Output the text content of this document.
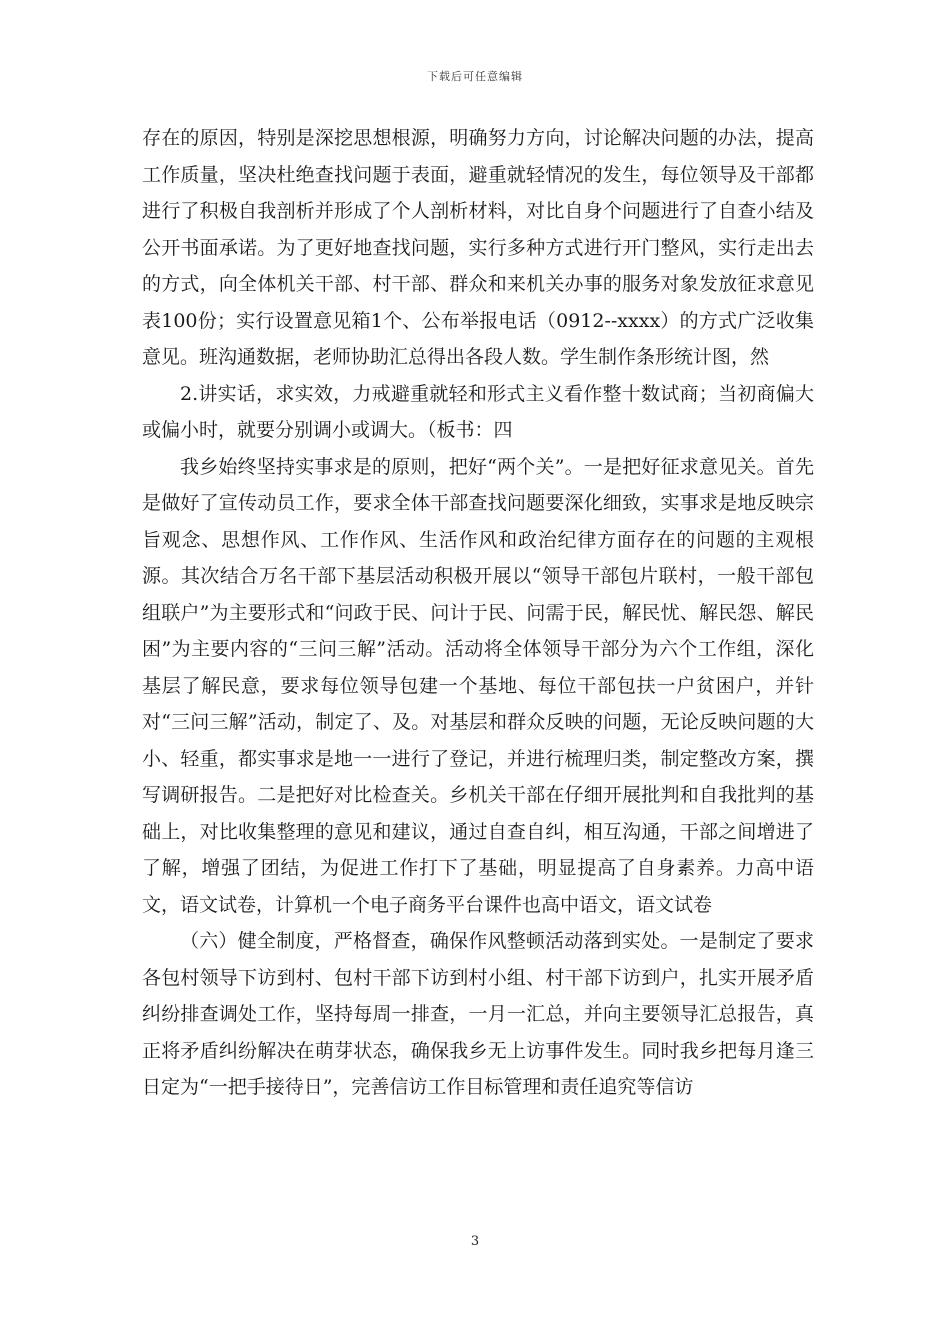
下载后可任意编辑

存在的原因，特别是深挖思想根源，明确努力方向，讨论解决问题的办法，提高工作质量，坚决杜绝查找问题于表面，避重就轻情况的发生，每位领导及干部都进行了积极自我剖析并形成了个人剖析材料，对比自身个问题进行了自查小结及公开书面承诺。为了更好地查找问题，实行多种方式进行开门整风，实行走出去的方式，向全体机关干部、村干部、群众和来机关办事的服务对象发放征求意见表100份；实行设置意见箱1个、公布举报电话（0912--xxxx）的方式广泛收集意见。班沟通数据，老师协助汇总得出各段人数。学生制作条形统计图，然

2.讲实话，求实效，力戒避重就轻和形式主义看作整十数试商；当初商偏大或偏小时，就要分别调小或调大。（板书：四

我乡始终坚持实事求是的原则，把好“两个关”。一是把好征求意见关。首先是做好了宣传动员工作，要求全体干部查找问题要深化细致，实事求是地反映宗旨观念、思想作风、工作作风、生活作风和政治纪律方面存在的问题的主观根源。其次结合万名干部下基层活动积极开展以“领导干部包片联村，一般干部包组联户”为主要形式和“问政于民、问计于民、问需于民，解民忧、解民怨、解民困”为主要内容的“三问三解”活动。活动将全体领导干部分为六个工作组，深化基层了解民意，要求每位领导包建一个基地、每位干部包扶一户贫困户，并针对“三问三解”活动，制定了、及。对基层和群众反映的问题，无论反映问题的大小、轻重，都实事求是地一一进行了登记，并进行梳理归类，制定整改方案，撰写调研报告。二是把好对比检查关。乡机关干部在仔细开展批判和自我批判的基础上，对比收集整理的意见和建议，通过自查自纠，相互沟通，干部之间增进了了解，增强了团结，为促进工作打下了基础，明显提高了自身素养。力高中语文，语文试卷，计算机一个电子商务平台课件也高中语文，语文试卷

（六）健全制度，严格督查，确保作风整顿活动落到实处。一是制定了要求各包村领导下访到村、包村干部下访到村小组、村干部下访到户，扎实开展矛盾纠纷排查调处工作，坚持每周一排查，一月一汇总，并向主要领导汇总报告，真正将矛盾纠纷解决在萌芽状态，确保我乡无上访事件发生。同时我乡把每月逢三日定为“一把手接待日”，完善信访工作目标管理和责任追究等信访

3
